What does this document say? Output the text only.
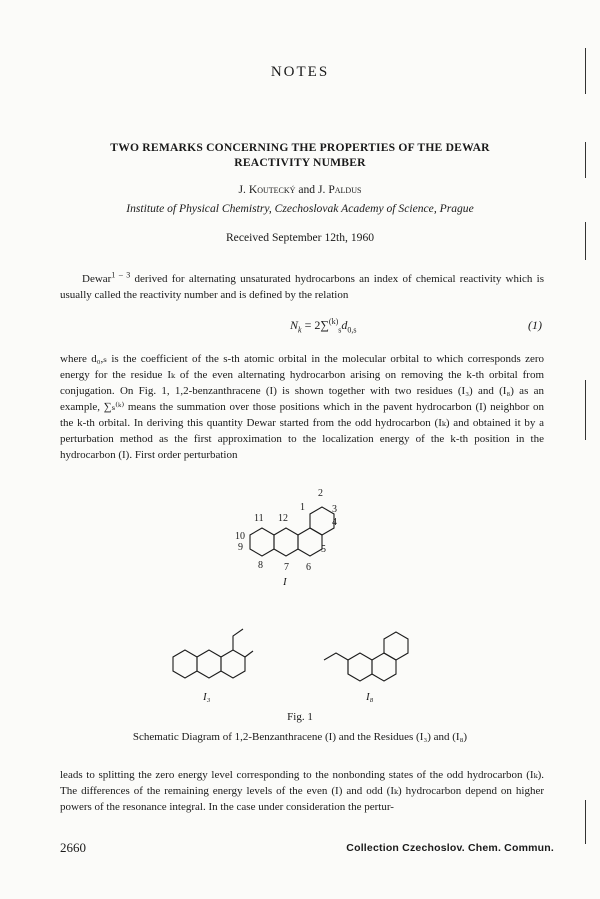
NOTES
TWO REMARKS CONCERNING THE PROPERTIES OF THE DEWAR
REACTIVITY NUMBER
J. Koutecký and J. Paldus
Institute of Physical Chemistry, Czechoslovak Academy of Science, Prague
Received September 12th, 1960

Dewar$^{1 - 3}$ derived for alternating unsaturated hydrocarbons an index of chemical reactivity which is usually called the reactivity number and is defined by the relation

$N_k = 2\sum^{(k)}_sd_{0,s}$	(1)

where d₀,ₛ is the coefficient of the s-th atomic orbital in the molecular orbital to which corresponds zero energy for the residue Iₖ of the even alternating hydrocarbon arising on removing the k-th orbital from conjugation. On Fig. 1, 1,2-benzanthracene (I) is shown together with two residues (I₃) and (I₈) as an example, ∑ₛ⁽ᵏ⁾ means the summation over those positions which in the pavent hydrocarbon (I) neighbor on the k-th orbital. In deriving this quantity Dewar started from the odd hydrocarbon (Iₖ) and obtained it by a perturbation method as the first approximation to the localization energy of the k-th position in the hydrocarbon (I). First order perturbation

1
2
3
4
5
6
7
8
9
10
11 12
I
I₃	I₈
Fig. 1
Schematic Diagram of 1,2-Benzanthracene (I) and the Residues (I₃) and (I₈)

leads to splitting the zero energy level corresponding to the nonbonding states of the odd hydrocarbon (Iₖ). The differences of the remaining energy levels of the even (I) and odd (Iₖ) hydrocarbon depend on higher powers of the resonance integral. In the case under consideration the pertur-

2660	Collection Czechoslov. Chem. Commun.
